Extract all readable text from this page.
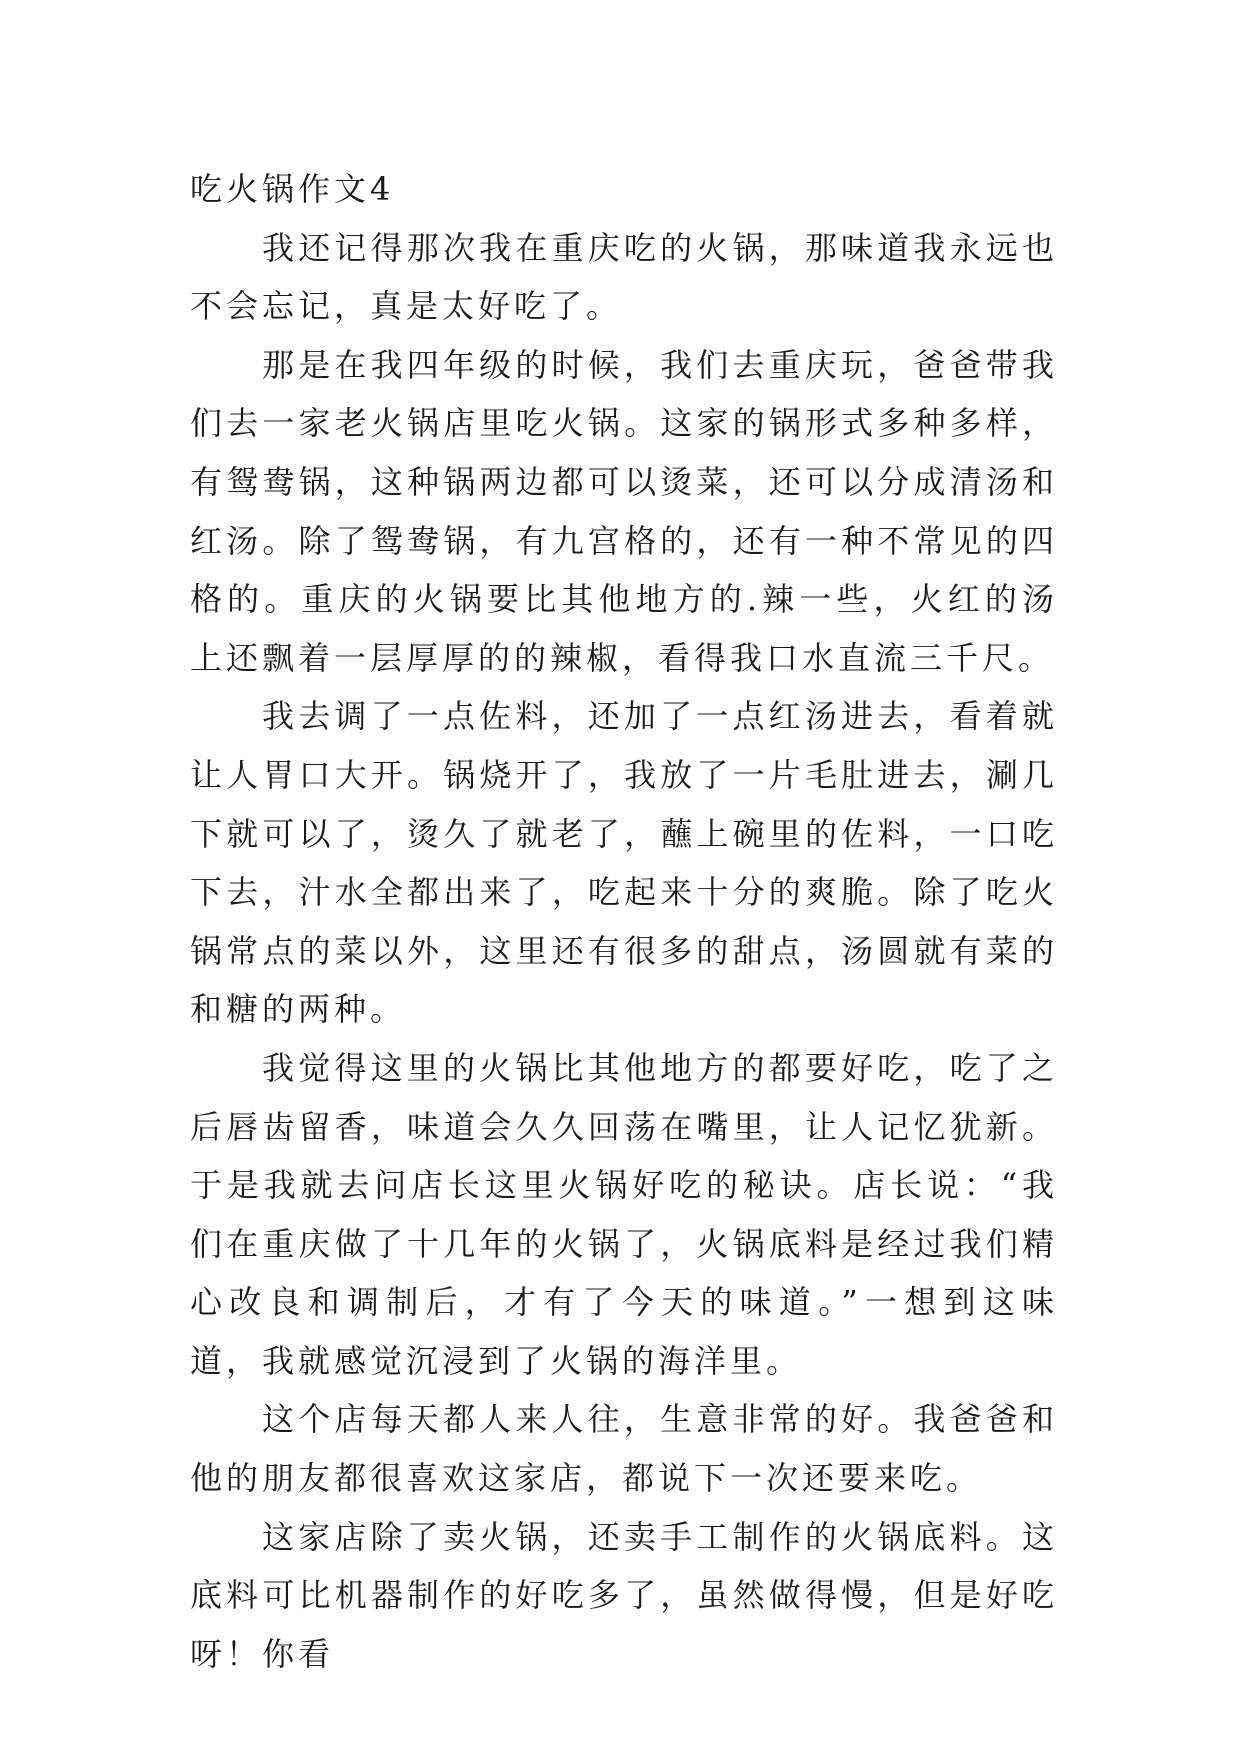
吃火锅作文4

我还记得那次我在重庆吃的火锅，那味道我永远也不会忘记，真是太好吃了。

那是在我四年级的时候，我们去重庆玩，爸爸带我们去一家老火锅店里吃火锅。这家的锅形式多种多样，有鸳鸯锅，这种锅两边都可以烫菜，还可以分成清汤和红汤。除了鸳鸯锅，有九宫格的，还有一种不常见的四格的。重庆的火锅要比其他地方的.辣一些，火红的汤上还飘着一层厚厚的的辣椒，看得我口水直流三千尺。

我去调了一点佐料，还加了一点红汤进去，看着就让人胃口大开。锅烧开了，我放了一片毛肚进去，涮几下就可以了，烫久了就老了，蘸上碗里的佐料，一口吃下去，汁水全都出来了，吃起来十分的爽脆。除了吃火锅常点的菜以外，这里还有很多的甜点，汤圆就有菜的和糖的两种。

我觉得这里的火锅比其他地方的都要好吃，吃了之后唇齿留香，味道会久久回荡在嘴里，让人记忆犹新。于是我就去问店长这里火锅好吃的秘诀。店长说：“我们在重庆做了十几年的火锅了，火锅底料是经过我们精心改良和调制后，才有了今天的味道。”一想到这味道，我就感觉沉浸到了火锅的海洋里。

这个店每天都人来人往，生意非常的好。我爸爸和他的朋友都很喜欢这家店，都说下一次还要来吃。

这家店除了卖火锅，还卖手工制作的火锅底料。这底料可比机器制作的好吃多了，虽然做得慢，但是好吃呀！你看
